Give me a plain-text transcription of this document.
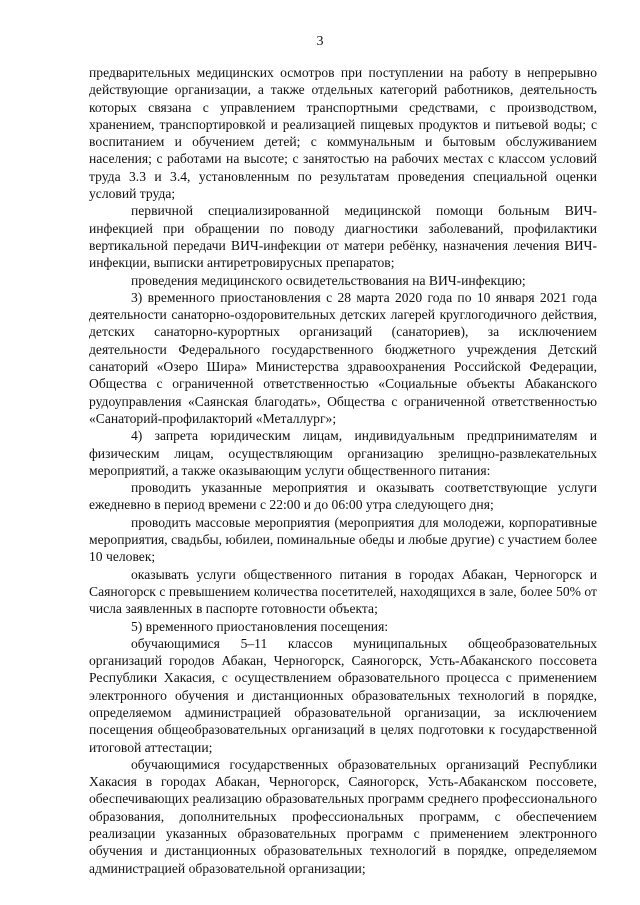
3

предварительных медицинских осмотров при поступлении на работу в непрерывно действующие организации, а также отдельных категорий работников, деятельность которых связана с управлением транспортными средствами, с производством, хранением, транспортировкой и реализацией пищевых продуктов и питьевой воды; с воспитанием и обучением детей; с коммунальным и бытовым обслуживанием населения; с работами на высоте; с занятостью на рабочих местах с классом условий труда 3.3 и 3.4, установленным по результатам проведения специальной оценки условий труда;

первичной специализированной медицинской помощи больным ВИЧ-инфекцией при обращении по поводу диагностики заболеваний, профилактики вертикальной передачи ВИЧ-инфекции от матери ребёнку, назначения лечения ВИЧ-инфекции, выписки антиретровирусных препаратов;

проведения медицинского освидетельствования на ВИЧ-инфекцию;

3) временного приостановления с 28 марта 2020 года по 10 января 2021 года деятельности санаторно-оздоровительных детских лагерей круглогодичного действия, детских санаторно-курортных организаций (санаториев), за исключением деятельности Федерального государственного бюджетного учреждения Детский санаторий «Озеро Шира» Министерства здравоохранения Российской Федерации, Общества с ограниченной ответственностью «Социальные объекты Абаканского рудоуправления «Саянская благодать», Общества с ограниченной ответственностью «Санаторий-профилакторий «Металлург»;

4) запрета юридическим лицам, индивидуальным предпринимателям и физическим лицам, осуществляющим организацию зрелищно-развлекательных мероприятий, а также оказывающим услуги общественного питания:

проводить указанные мероприятия и оказывать соответствующие услуги ежедневно в период времени с 22:00 и до 06:00 утра следующего дня;

проводить массовые мероприятия (мероприятия для молодежи, корпоративные мероприятия, свадьбы, юбилеи, поминальные обеды и любые другие) с участием более 10 человек;

оказывать услуги общественного питания в городах Абакан, Черногорск и Саяногорск с превышением количества посетителей, находящихся в зале, более 50% от числа заявленных в паспорте готовности объекта;

5) временного приостановления посещения:

обучающимися 5–11 классов муниципальных общеобразовательных организаций городов Абакан, Черногорск, Саяногорск, Усть-Абаканского поссовета Республики Хакасия, с осуществлением образовательного процесса с применением электронного обучения и дистанционных образовательных технологий в порядке, определяемом администрацией образовательной организации, за исключением посещения общеобразовательных организаций в целях подготовки к государственной итоговой аттестации;

обучающимися государственных образовательных организаций Республики Хакасия в городах Абакан, Черногорск, Саяногорск, Усть-Абаканском поссовете, обеспечивающих реализацию образовательных программ среднего профессионального образования, дополнительных профессиональных программ, с обеспечением реализации указанных образовательных программ с применением электронного обучения и дистанционных образовательных технологий в порядке, определяемом администрацией образовательной организации;
